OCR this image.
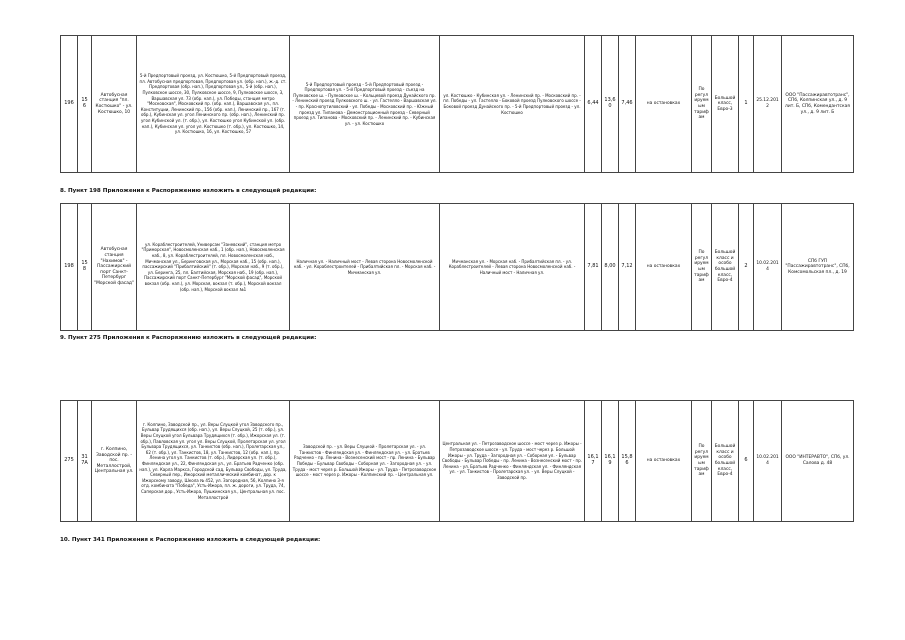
196	156	Автобусная станция "пл. Костюшко" - ул. Костюшко, 10	5-й Предпортовый проезд, ул. Костюшко, 5-й Предпортовый проезд, пл. Автобусная предпортовая, Предпортовая ул. (обр. нап.), ж.-д. ст. Предпортовая (обр. нап.), Предпортовая ул., 5-й (обр. нап.), Пулковское шоссе, 30, Пулковское шоссе, 9, Пулковское шоссе, 3, Варшавская ул. 73 (обр. нап.), ул. Победы, станция метро "Московская", Московский пр. (обр. нап.), Варшавская ул., пл. Конституции, Ленинский пр., 156 (обр. нап.), Ленинский пр., 167 (т. обр.), Кубинская ул. угол Ленинского пр. (обр. нап.), Ленинский пр. угол Кубинской ул. (т. обр.), ул. Костюшко угол Кубинской ул. (обр. нап.), Кубинская ул. угол ул. Костюшко (т. обр.), ул. Костюшко, 14, ул. Костюшко, 16, ул. Костюшко, 57	5-й Предпортовый проезд - 5-й Предпортовый проезд - Предпортовая ул. - 5-й Предпортовый проезд - съезд на Пулковское ш. - Пулковское ш. - Кольцевой проезд Дунайского пр. - Ленинский проезд Пулковского ш. - ул. Гастелло - Варшавская ул. - пр. Краснопутиловский - ул. Победы - Московский пр. - Южный проезд ул. Типанова - Демонстрационный проезд - Северный проезд ул. Типанова - Московский пр. - Ленинский пр. - Кубинская ул. - ул. Костюшко	ул. Костюшко - Кубинская ул. - Ленинский пр. - Московский пр. - пл. Победы - ул. Гастелло - Боковой проезд Пулковского шоссе - Боковой проезд Дунайского пр. - 5-й Предпортовый проезд - ул. Костюшко	6,44	13,60	7,46	на остановках	По регулируемым тарифам	Большой класс, Евро-3	1	25.12.2012	ООО "Пассажиравтотранс", СПб, Колпинская ул., д. 9 лит. Б, СПб, Комендантская ул., д. 9 лит. Б
8. Пункт 198 Приложения к Распоряжению изложить в следующей редакции:
198	158	Автобусная станция "Нахимов" - Пассажирский порт Санкт-Петербург "Морской фасад"	ул. Кораблестроителей, Универсам "Заневский", станция метро "Приморская", Новосмоленская наб., 1 (обр. нап.), Новосмоленская наб., 8, ул. Кораблестроителей, пл. Новосмоленская наб., Мичманская ул., Беринговская ул., Морская наб., 15 (обр. нап.), пассажирский "Прибалтийский" (т. обр.), Морская наб., 9 (т. обр.), ул. Беринга, 25, пл. Балтийская, Морская наб., 19 (обр. нап.), Пассажирский порт Санкт-Петербург "Морской фасад", Морской вокзал (обр. нап.), ул. Морская, вокзал (т. обр.), Морской вокзал (обр. нап.), Морской вокзал №1	Наличная ул. - Наличный мост - Левая сторона Новосмоленской наб. - ул. Кораблестроителей - Прибалтийская пл. - Морская наб. - Мичманская ул.	Мичманская ул. - Морская наб. - Прибалтийская пл. - ул. Кораблестроителей - Левая сторона Новосмоленской наб. - Наличный мост - Наличная ул.	7,81	8,00	7,12	на остановках	По регулируемым тарифам	Большой класс и особо большой класс, Евро-4	2	10.02.2014	СПб ГУП "Пассажиравтотранс", СПб, Комсомольская пл., д. 19
9. Пункт 275 Приложения к Распоряжению изложить в следующей редакции:
275	317А	г. Колпино, Заводской пр. - пос. Металлострой, Центральная ул.	г. Колпино, Заводской пр., ул. Веры Слуцкой угол Заводского пр., Бульвар Трудящихся (обр. нап.), ул. Веры Слуцкой, 25 (т. обр.), ул. Веры Слуцкой угол Бульвара Трудящихся (т. обр.), Ижорская ул. (т. обр.), Павловская ул. угол ул. Веры Слуцкой, Пролетарская ул. угол Бульвара Трудящихся, ул. Танкистов (обр. нап.), Пролетарская ул., 62 (т. обр.), ул. Танкистов, 18, ул. Танкистов, 12 (обр. нап.), пр. Ленина угол ул. Танкистов (т. обр.), Лидерская ул. (т. обр.), Финляндская ул., 22, Финляндская ул., ул. Братьев Радченко (обр. нап.), ул. Карла Маркса, Городской сад, Бульвар Свободы, ул. Труда, Северный пер., Ижорский металлический комбинат, дор. к Ижорскому заводу, Школа № 452, ул. Загородная, 56, Колпино 3-я отд. комбината "Победа", Усть-Ижора, пл. ж. дороги, ул. Труда, 74, Саперская дор., Усть-Ижора, Пушкинская ул., Центральная ул. пос. Металлострой	Заводской пр. - ул. Веры Слуцкой - Пролетарская ул. - ул. Танкистов - Финляндская ул. - Финляндская ул. - ул. Братьев Радченко - пр. Ленина - Вознесенский мост - пр. Ленина - Бульвар Победы - Бульвар Свободы - Соборная ул. - Загородная ул. - ул. Труда - мост через р. Большой Ижоры - ул. Труда - Петрозаводское шоссе - мост через р. Ижоры - Колпинский пр. - Центральная ул.	Центральная ул. - Петрозаводское шоссе - мост через р. Ижоры - Петрозаводское шоссе - ул. Труда - мост через р. Большой Ижоры - ул. Труда - Загородная ул. - Соборная ул. - Бульвар Свободы - Бульвар Победы - пр. Ленина - Вознесенский мост - пр. Ленина - ул. Братьев Радченко - Финляндская ул. - Финляндская ул. - ул. Танкистов - Пролетарская ул. - ул. Веры Слуцкой - Заводской пр.	16,17	16,19	15,86	на остановках	По регулируемым тарифам	Большой класс и особо большой класс, Евро-4	6	10.02.2014	ООО "ИНТЕРАВТО", СПб, ул. Салова д. 48
10. Пункт 341 Приложения к Распоряжению изложить в следующей редакции:
